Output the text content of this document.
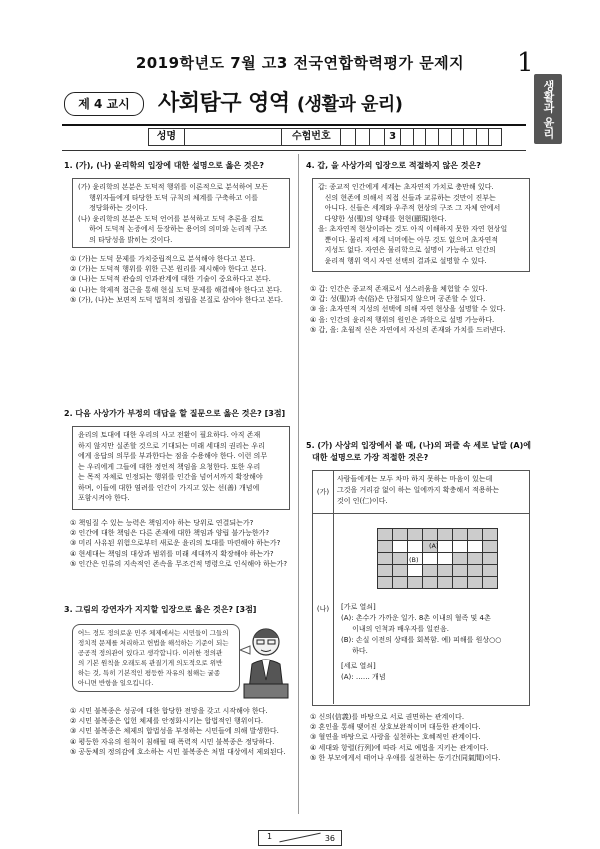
2019학년도 7월 고3 전국연합학력평가 문제지	1
생활과 윤리
제 4 교시	사회탐구 영역 (생활과 윤리)
성명	수험번호	3
1. (가), (나) 윤리학의 입장에 대한 설명으로 옳은 것은?
(가) 윤리학의 본분은 도덕적 행위를 이론적으로 분석하여 모든
행위자들에게 타당한 도덕 규칙의 체계를 구축하고 이를
정당화하는 것이다.
(나) 윤리학의 본분은 도덕 언어를 분석하고 도덕 추론을 검토
하여 도덕적 논증에서 등장하는 용어의 의미와 논리적 구조
의 타당성을 밝히는 것이다.
① (가)는 도덕 문제를 가치중립적으로 분석해야 한다고 본다.
② (가)는 도덕적 행위를 위한 근본 원리를 제시해야 한다고 본다.
③ (나)는 도덕적 관습의 인과관계에 대한 기술이 중요하다고 본다.
④ (나)는 학제적 접근을 통해 현실 도덕 문제를 해결해야 한다고 본다.
⑤ (가), (나)는 보편적 도덕 법칙의 정립을 본질로 삼아야 한다고 본다.
2. 다음 사상가가 부정의 대답을 할 질문으로 옳은 것은? [3점]
윤리의 토대에 대한 우리의 사고 전환이 필요하다. 아직 존재
하지 않지만 실존할 것으로 기대되는 미래 세대의 권리는 우리
에게 응답의 의무를 부과한다는 점을 수용해야 한다. 이런 의무
는 우리에게 그들에 대한 정언적 책임을 요청한다. 또한 우리
는 목적 자체로 인정되는 행위를 인간을 넘어서까지 확장해야
하며, 이들에 대한 염려를 인간이 가지고 있는 선(善) 개념에
포함시켜야 한다.
① 책임질 수 있는 능력은 책임지야 하는 당위로 연결되는가?
② 인간에 대한 책임은 다른 존재에 대한 책임과 양립 불가능한가?
③ 미리 사유된 위험으로부터 새로운 윤리의 토대를 마련해야 하는가?
④ 현세대는 책임의 대상과 범위를 미래 세대까지 확장해야 하는가?
⑤ 인간은 인류의 지속적인 존속을 무조건적 명령으로 인식해야 하는가?
3. 그림의 강연자가 지지할 입장으로 옳은 것은? [3점]
어느 정도 정의로운 민주 체제에서는 시민들이 그들의
정치적 문제를 처리하고 헌법을 해석하는 기준이 되는
공공적 정의관이 있다고 생각합니다. 이러한 정의관
의 기본 원칙을 오래도록 관질기게 의도적으로 위반
하는 것, 특히 기본적인 평등한 자유의 침해는 굴종
아니면 반항을 일으킵니다.
① 시민 불복종은 성공에 대한 합당한 전망을 갖고 시작해야 한다.
② 시민 불복종은 입헌 체제를 안정화시키는 합법적인 행위이다.
③ 시민 불복종은 체제의 합법성을 부정하는 시민들에 의해 발생한다.
④ 평등한 자유의 원칙이 침해될 때 폭력적 시민 불복종은 정당하다.
⑤ 공동체의 정의감에 호소하는 시민 불복종은 처벌 대상에서 제외된다.
4. 갑, 을 사상가의 입장으로 적절하지 않은 것은?
갑: 종교적 인간에게 세계는 초자연적 가치로 충만해 있다.
신의 현존에 의해서 직접 신들과 교류하는 것만이 진부는
아니다. 신들은 세계와 우주적 현상의 구조 그 자체 안에서
다양한 성(聖)의 양태를 현현(顯現)한다.
을: 초자연적 현상이라는 것도 아직 이해하지 못한 자연 현상일
뿐이다. 물리적 세계 너머에는 아무 것도 없으며 초자연적
지성도 없다. 자연은 물리학으로 설명이 가능하고 인간의
윤리적 행위 역시 자연 선택의 결과로 설명할 수 있다.
① 갑: 인간은 종교적 존재로서 성스러움을 체험할 수 있다.
② 갑: 성(聖)과 속(俗)은 단절되지 않으며 공존할 수 있다.
③ 을: 초자연적 지성의 선택에 의해 자연 현상을 설명할 수 있다.
④ 을: 인간의 윤리적 행위의 원인은 과학으로 설명 가능하다.
⑤ 갑, 을: 초월적 신은 자연에서 자신의 존재와 가치를 드러낸다.
5. (가) 사상의 입장에서 볼 때, (나)의 퍼즐 속 세로 낱말 (A)에
대한 설명으로 가장 적절한 것은?
(가)
사람들에게는 모두 차마 하지 못하는 마음이 있는데
그것을 거리감 없이 하는 일에까지 확충해서 적용하는
것이 인(仁)이다.
(나)

(A)
(B)
[가로 열쇠]
(A): 촌수가 가까운 일가. 8촌 이내의 혈족 및 4촌
이내의 인척과 배우자를 일컫음.
(B): 손실 이전의 상태를 회복함. 예) 피해를 원상○○
하다.
[세로 열쇠]
(A): …… 개념
① 신의(信義)를 바탕으로 서로 권면하는 관계이다.
② 혼인을 통해 맺어진 상호보완적이며 대등한 관계이다.
③ 혈연을 바탕으로 사랑을 실천하는 호혜적인 관계이다.
④ 세대와 항렬(行列)에 따라 서로 예법을 지키는 관계이다.
⑤ 한 부모에게서 태어나 우애를 실천하는 동기간(同氣間)이다.
1	36
